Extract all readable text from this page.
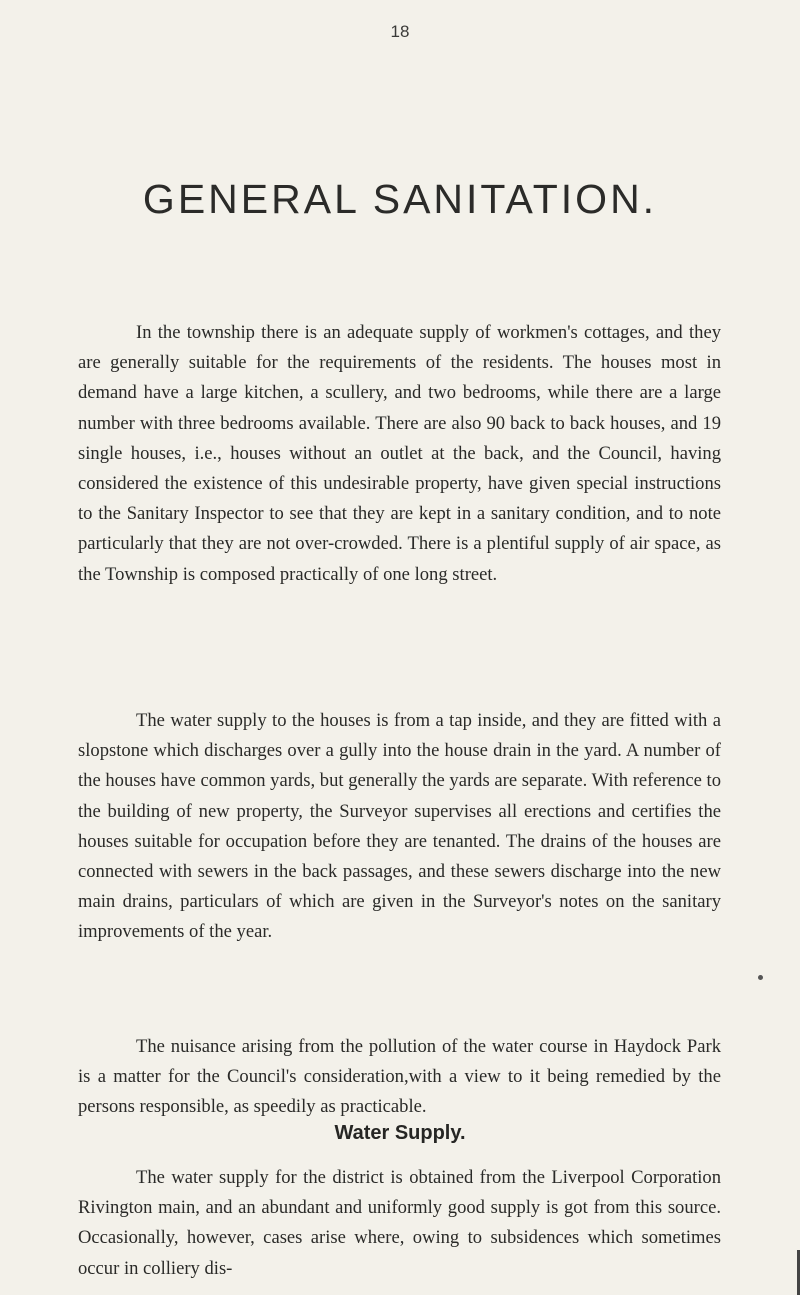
18
GENERAL SANITATION.

In the township there is an adequate supply of workmen's cottages, and they are generally suitable for the requirements of the residents. The houses most in demand have a large kitchen, a scullery, and two bedrooms, while there are a large number with three bedrooms available. There are also 90 back to back houses, and 19 single houses, i.e., houses without an outlet at the back, and the Council, having considered the existence of this undesirable property, have given special instructions to the Sanitary Inspector to see that they are kept in a sanitary condition, and to note particularly that they are not over-crowded. There is a plentiful supply of air space, as the Township is composed practically of one long street.

The water supply to the houses is from a tap inside, and they are fitted with a slopstone which discharges over a gully into the house drain in the yard. A number of the houses have common yards, but generally the yards are separate. With reference to the building of new property, the Surveyor supervises all erections and certifies the houses suitable for occupation before they are tenanted. The drains of the houses are connected with sewers in the back passages, and these sewers discharge into the new main drains, particulars of which are given in the Surveyor's notes on the sanitary improvements of the year.

The nuisance arising from the pollution of the water course in Haydock Park is a matter for the Council's consideration,with a view to it being remedied by the persons responsible, as speedily as practicable.

Water Supply.

The water supply for the district is obtained from the Liverpool Corporation Rivington main, and an abundant and uniformly good supply is got from this source. Occasionally, however, cases arise where, owing to subsidences which sometimes occur in colliery dis-
